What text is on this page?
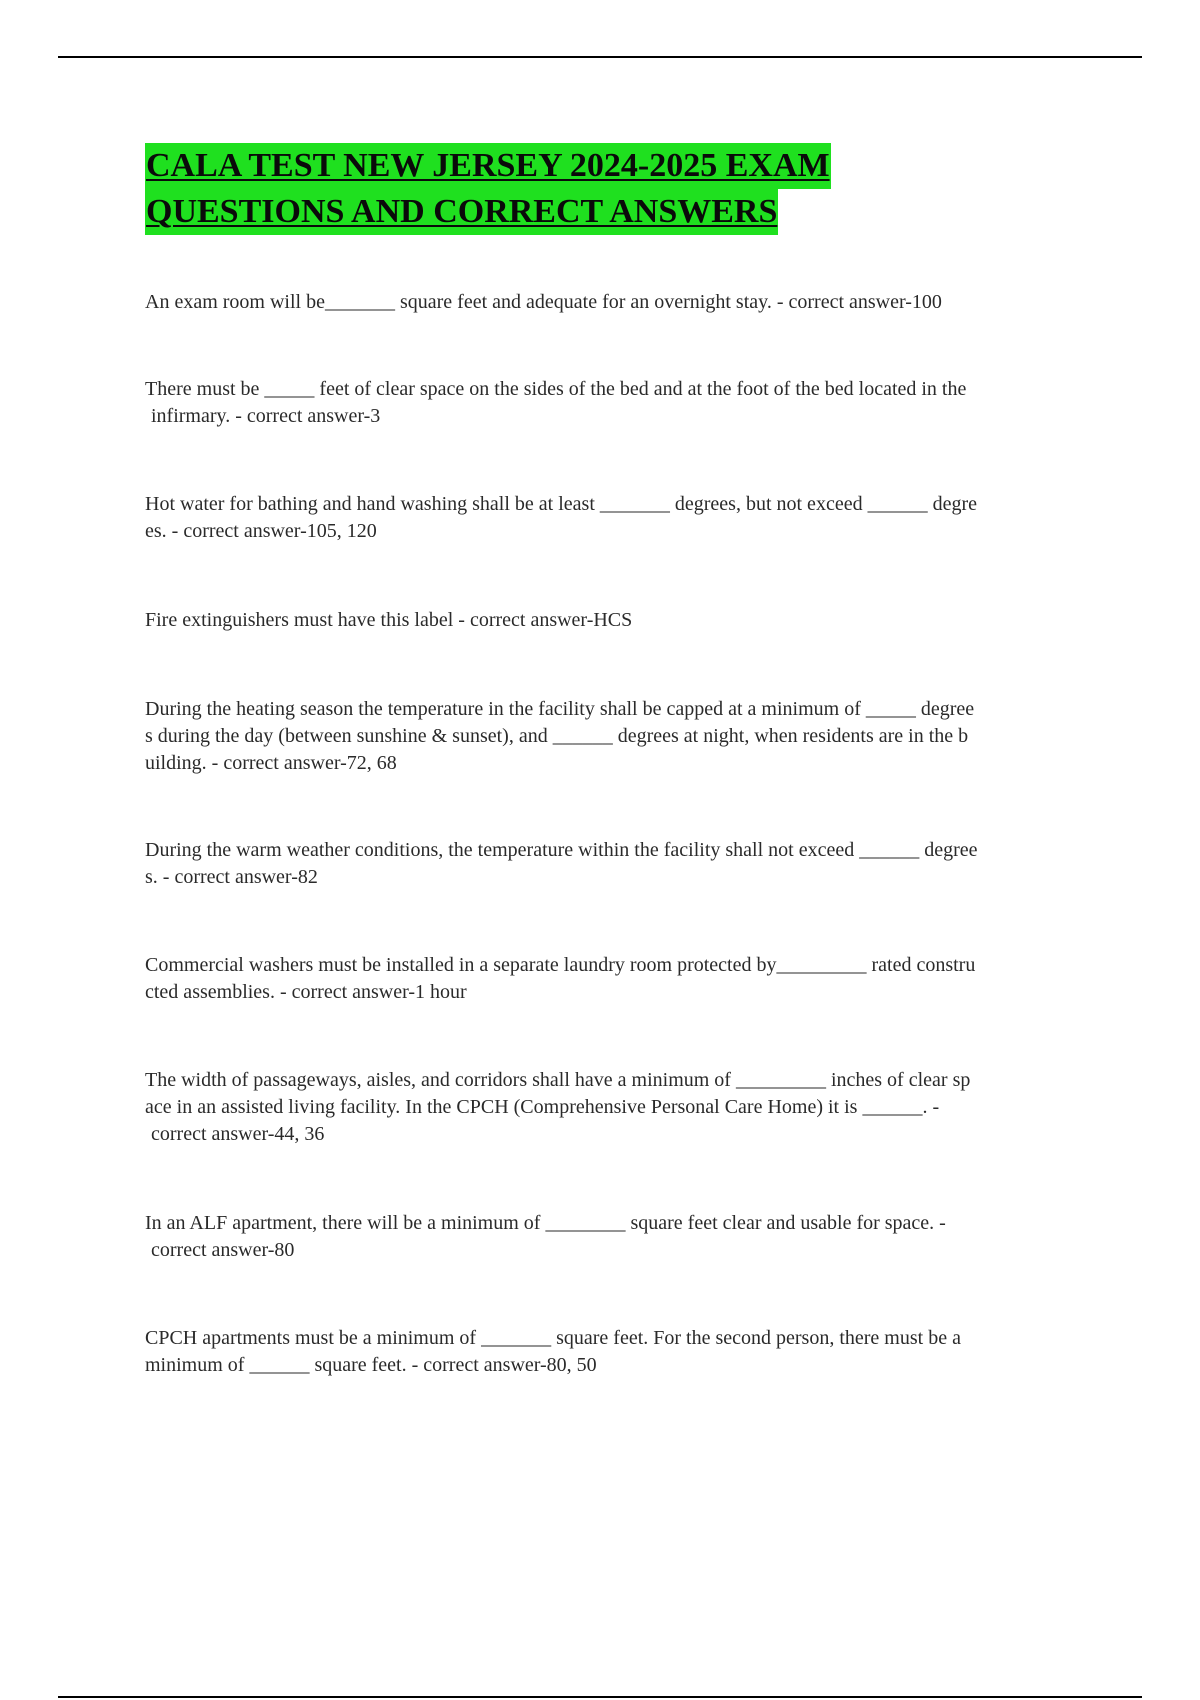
CALA TEST NEW JERSEY 2024-2025 EXAM
QUESTIONS AND CORRECT ANSWERS

An exam room will be_______ square feet and adequate for an overnight stay. - correct answer-100

There must be _____ feet of clear space on the sides of the bed and at the foot of the bed located in the
infirmary. - correct answer-3

Hot water for bathing and hand washing shall be at least _______ degrees, but not exceed ______ degre
es. - correct answer-105, 120

Fire extinguishers must have this label - correct answer-HCS

During the heating season the temperature in the facility shall be capped at a minimum of _____ degree
s during the day (between sunshine & sunset), and ______ degrees at night, when residents are in the b
uilding. - correct answer-72, 68

During the warm weather conditions, the temperature within the facility shall not exceed ______ degree
s. - correct answer-82

Commercial washers must be installed in a separate laundry room protected by_________ rated constru
cted assemblies. - correct answer-1 hour

The width of passageways, aisles, and corridors shall have a minimum of _________ inches of clear sp
ace in an assisted living facility. In the CPCH (Comprehensive Personal Care Home) it is ______. -
correct answer-44, 36

In an ALF apartment, there will be a minimum of ________ square feet clear and usable for space. -
correct answer-80

CPCH apartments must be a minimum of _______ square feet. For the second person, there must be a
minimum of ______ square feet. - correct answer-80, 50
